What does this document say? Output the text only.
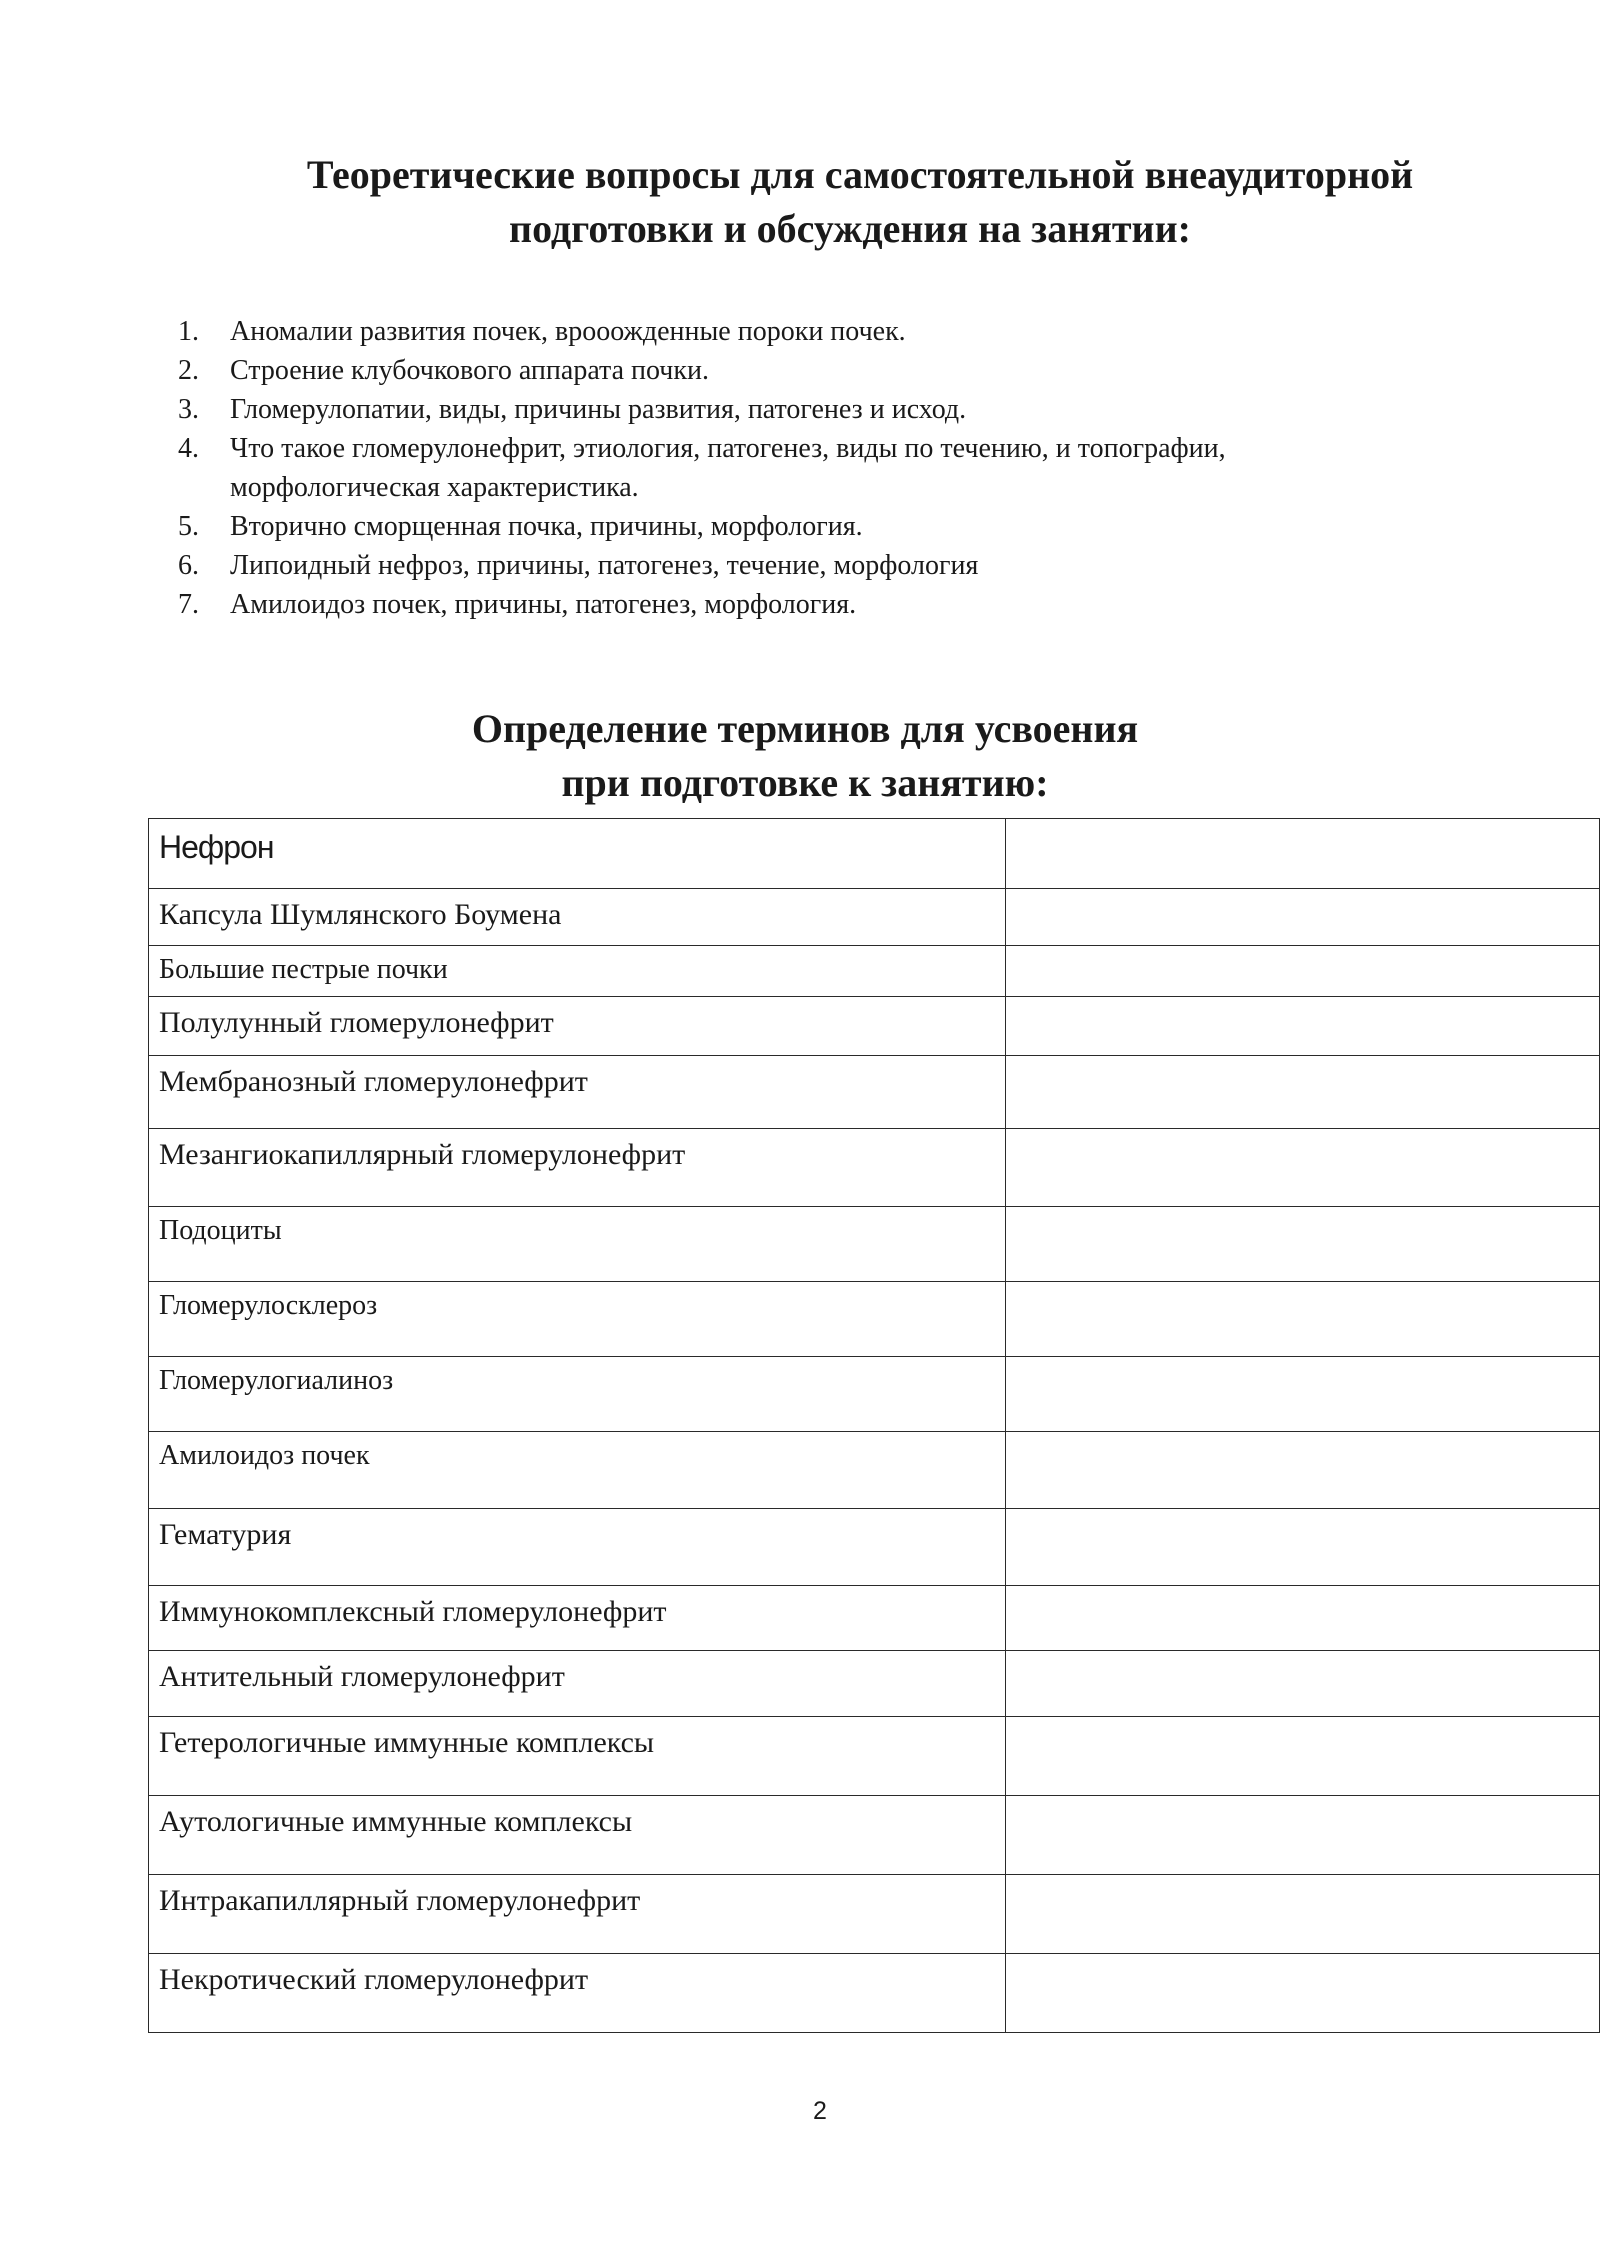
Теоретические вопросы для самостоятельной внеаудиторной
подготовки и обсуждения на занятии:
1.	Аномалии развития почек, врооожденные пороки почек.
2.	Строение клубочкового аппарата почки.
3.	Гломерулопатии, виды, причины развития, патогенез и исход.
4.	Что такое гломерулонефрит, этиология, патогенез, виды по течению, и топографии, морфологическая характеристика.
5.	Вторично сморщенная почка, причины, морфология.
6.	Липоидный нефроз, причины, патогенез, течение, морфология
7.	Амилоидоз почек, причины, патогенез, морфология.
Определение терминов для усвоения
при подготовке к занятию:
Нефрон	
Капсула Шумлянского Боумена	
Большие пестрые почки	
Полулунный гломерулонефрит	
Мембранозный гломерулонефрит	
Мезангиокапиллярный гломерулонефрит	
Подоциты	
Гломерулосклероз	
Гломерулогиалиноз	
Амилоидоз почек	
Гематурия	
Иммунокомплексный гломерулонефрит	
Антительный гломерулонефрит	
Гетерологичные иммунные комплексы	
Аутологичные иммунные комплексы	
Интракапиллярный гломерулонефрит	
Некротический гломерулонефрит	
2
